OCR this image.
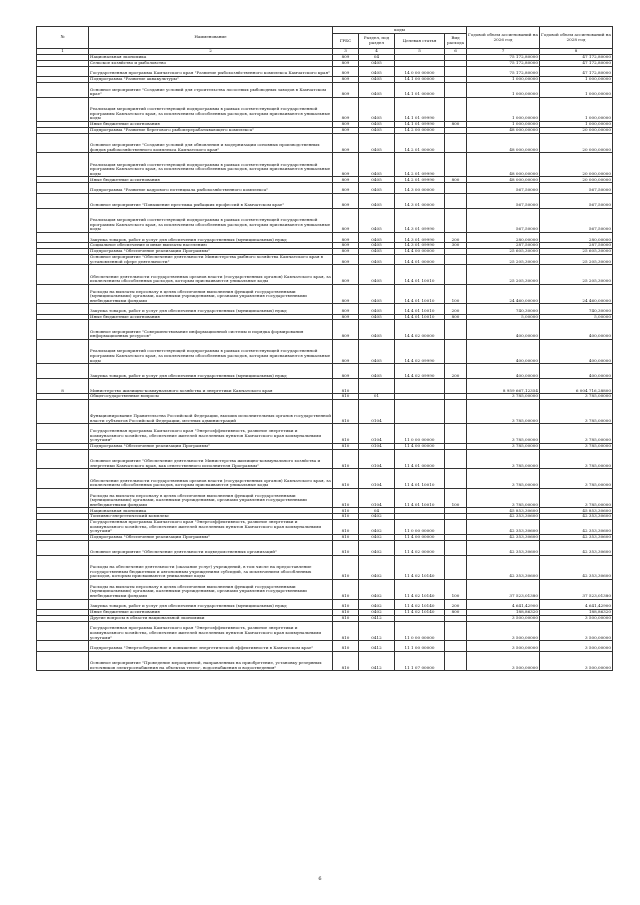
№	Наименование	коды				Годовой объем ассигнований на 2026 год	Годовой объем ассигнований на 2028 год
		ГРБС	Раздел, под раздел	Целевая статья	Вид расхода		
1	2	3	4	5	6	7	8
	Национальная экономика	809	04			75 172,80000	47 172,80000
	Сельское хозяйство и рыболовство	809	0405			75 172,80000	47 172,80000
	Государственная программа Камчатского края "Развитие рыбохозяйственного комплекса Камчатского края"	809	0405	14 0 00 00000		75 172,80000	47 172,80000
	Подпрограмма "Развитие аквакультуры"	809	0405	14 1 00 00000		1 000,00000	1 000,00000
	Основное мероприятие "Создание условий для строительства лососевых рыбоводных заводов в Камчатском крае"	809	0405	14 1 01 00000		1 000,00000	1 000,00000
	Реализация мероприятий соответствующей подпрограммы в рамках соответствующей государственной программы Камчатского края, за исключением обособленных расходов, которым присваиваются уникальные коды	809	0405	14 1 01 09990		1 000,00000	1 000,00000
	Иные бюджетные ассигнования	809	0405	14 1 01 09990	800	1 000,00000	1 000,00000
	Подпрограмма "Развитие берегового рыбоперерабатывающего комплекса"	809	0405	14 2 00 00000		48 000,00000	20 000,00000
	Основное мероприятие "Создание условий для обновления и модернизации основных производственных фондов рыбохозяйственного комплекса Камчатского края"	809	0405	14 2 01 00000		48 000,00000	20 000,00000
	Реализация мероприятий соответствующей подпрограммы в рамках соответствующей государственной программы Камчатского края, за исключением обособленных расходов, которым присваиваются уникальные коды	809	0405	14 2 01 09990		48 000,00000	20 000,00000
	Иные бюджетные ассигнования	809	0405	14 2 01 09990	800	48 000,00000	20 000,00000
	Подпрограмма "Развитие кадрового потенциала рыбохозяйственного комплекса"	809	0405	14 3 00 00000		567,50000	567,50000
	Основное мероприятие "Повышение престижа рыбацких профессий в Камчатском крае"	809	0405	14 3 01 00000		567,50000	567,50000
	Реализация мероприятий соответствующей подпрограммы в рамках соответствующей государственной программы Камчатского края, за исключением обособленных расходов, которым присваиваются уникальные коды	809	0405	14 3 01 09990		567,50000	567,50000
	Закупка товаров, работ и услуг для обеспечения государственных (муниципальных) нужд	809	0405	14 3 01 09990	200	280,00000	280,00000
	Социальное обеспечение и иные выплаты населению	809	0405	14 3 01 09990	300	287,50000	287,50000
	Подпрограмма "Обеспечение реализации Программы"	809	0405	14 4 00 00000		25 605,30000	25 605,30000
	Основное мероприятие "Обеспечение деятельности Министерства рыбного хозяйства Камчатского края в установленной сфере деятельности"	809	0405	14 4 01 00000		25 205,30000	25 205,30000
	Обеспечение деятельности государственных органов власти (государственных органов) Камчатского края, за исключением обособленных расходов, которым присваиваются уникальные коды	809	0405	14 4 01 10010		25 205,30000	25 205,30000
	Расходы на выплаты персоналу в целях обеспечения выполнения функций государственными (муниципальными) органами, казенными учреждениями, органами управления государственными внебюджетными фондами	809	0405	14 4 01 10010	100	24 460,00000	24 460,00000
	Закупка товаров, работ и услуг для обеспечения государственных (муниципальных) нужд	809	0405	14 4 01 10010	200	740,30000	740,30000
	Иные бюджетные ассигнования	809	0405	14 4 01 10010	800	5,00000	5,00000
	Основное мероприятие "Совершенствование информационной системы и порядка формирования информационных ресурсов"	809	0405	14 4 02 00000		400,00000	400,00000
	Реализация мероприятий соответствующей подпрограммы в рамках соответствующей государственной программы Камчатского края, за исключением обособленных расходов, которым присваиваются уникальные коды	809	0405	14 4 02 09990		400,00000	400,00000
	Закупка товаров, работ и услуг для обеспечения государственных (муниципальных) нужд	809	0405	14 4 02 09990	200	400,00000	400,00000
8	Министерство жилищно-коммунального хозяйства и энергетики Камчатского края	810				8 959 667,12354	6 004 716,28800
	Общегосударственные вопросы	810	01			3 785,00000	3 785,00000
	Функционирование Правительства Российской Федерации, высших исполнительных органов государственной власти субъектов Российской Федерации, местных администраций	810	0104			3 785,00000	3 785,00000
	Государственная программа Камчатского края "Энергоэффективность, развитие энергетики и коммунального хозяйства, обеспечение жителей населенных пунктов Камчатского края коммунальными услугами"	810	0104	11 0 00 00000		3 785,00000	3 785,00000
	Подпрограмма "Обеспечение реализации Программы"	810	0104	11 4 00 00000		3 785,00000	3 785,00000
	Основное мероприятие "Обеспечение деятельности Министерства жилищно-коммунального хозяйства и энергетики Камчатского края, как ответственного исполнителя Программы"	810	0104	11 4 01 00000		3 785,00000	3 785,00000
	Обеспечение деятельности государственных органов власти (государственных органов) Камчатского края, за исключением обособленных расходов, которым присваиваются уникальные коды	810	0104	11 4 01 10010		3 785,00000	3 785,00000
	Расходы на выплаты персоналу в целях обеспечения выполнения функций государственными (муниципальными) органами, казенными учреждениями, органами управления государственными внебюджетными фондами	810	0104	11 4 01 10010	100	3 785,00000	3 785,00000
	Национальная экономика	810	04			45 853,30600	45 853,30600
	Топливно-энергетический комплекс	810	0402			42 353,30600	42 353,30600
	Государственная программа Камчатского края "Энергоэффективность, развитие энергетики и коммунального хозяйства, обеспечение жителей населенных пунктов Камчатского края коммунальными услугами"	810	0402	11 0 00 00000		42 353,30600	42 353,30600
	Подпрограмма "Обеспечение реализации Программы"	810	0402	11 4 00 00000		42 353,30600	42 353,30600
	Основное мероприятие "Обеспечение деятельности подведомственных организаций"	810	0402	11 4 02 00000		42 353,30600	42 353,30600
	Расходы на обеспечение деятельности (оказание услуг) учреждений, в том числе на предоставление государственным бюджетным и автономным учреждениям субсидий, за исключением обособленных расходов, которым присваиваются уникальные коды	810	0402	11 4 02 10140		42 353,30600	42 353,30600
	Расходы на выплаты персоналу в целях обеспечения выполнения функций государственными (муниципальными) органами, казенными учреждениями, органами управления государственными внебюджетными фондами	810	0402	11 4 02 10140	100	37 523,01380	37 523,01380
	Закупка товаров, работ и услуг для обеспечения государственных (муниципальных) нужд	810	0402	11 4 02 10140	200	4 641,42900	4 641,42900
	Иные бюджетные ассигнования	810	0402	11 4 02 10140	800	188,86320	188,86320
	Другие вопросы в области национальной экономики	810	0412			3 500,00000	3 500,00000
	Государственная программа Камчатского края "Энергоэффективность, развитие энергетики и коммунального хозяйства, обеспечение жителей населенных пунктов Камчатского края коммунальными услугами"	810	0412	11 0 00 00000		3 500,00000	3 500,00000
	Подпрограмма "Энергосбережение и повышение энергетической эффективности в Камчатском крае"	810	0412	11 1 00 00000		3 500,00000	3 500,00000
	Основное мероприятие "Проведение мероприятий, направленных на приобретение, установку резервных источников электроснабжения на объектах тепло-, водоснабжения и водоотведения"	810	0412	11 1 07 00000		3 500,00000	3 500,00000
6
